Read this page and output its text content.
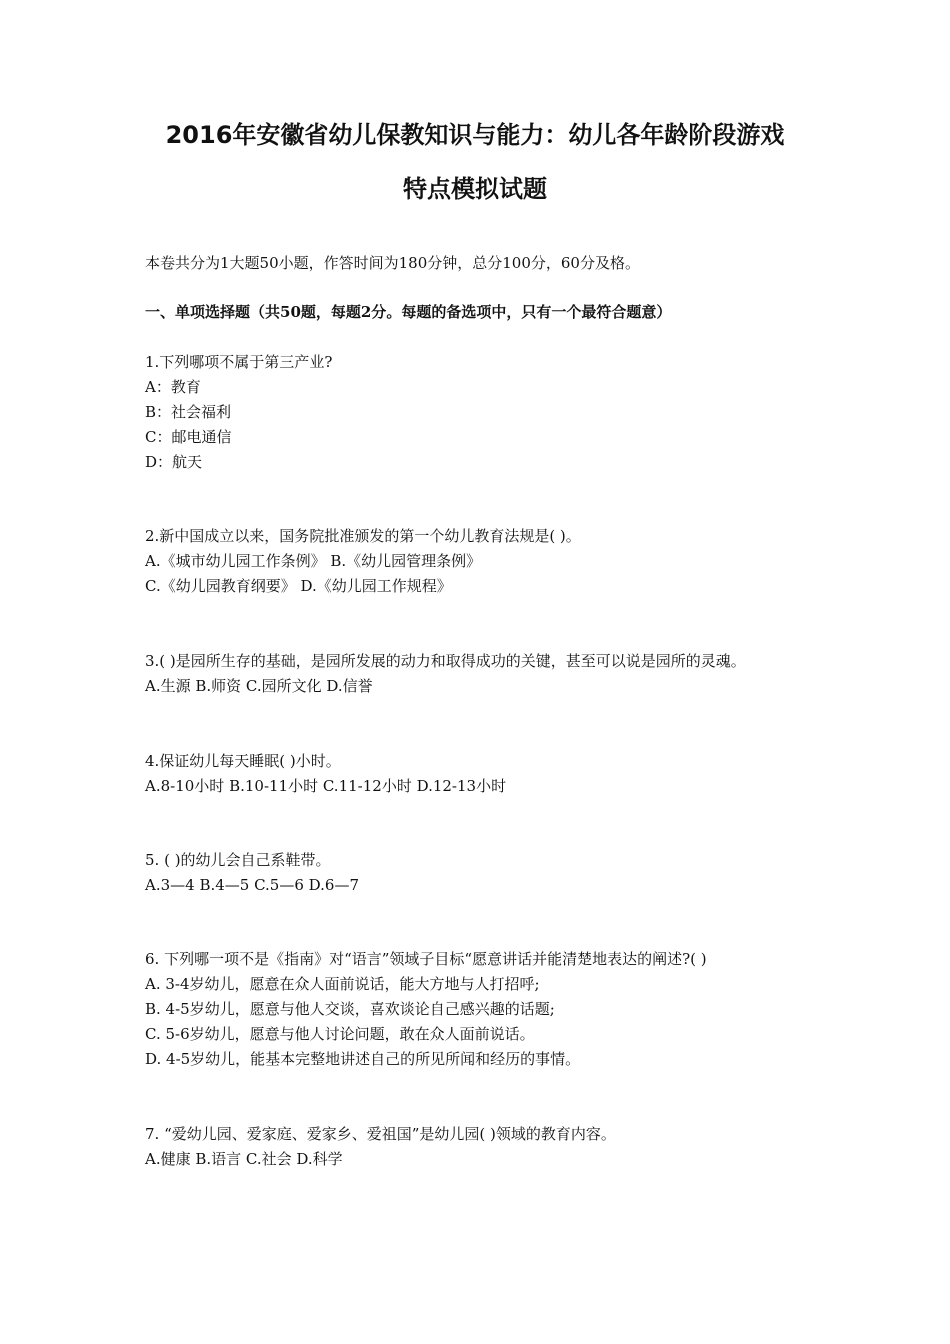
2016年安徽省幼儿保教知识与能力：幼儿各年龄阶段游戏
特点模拟试题
本卷共分为1大题50小题，作答时间为180分钟，总分100分，60分及格。
一、单项选择题（共50题，每题2分。每题的备选项中，只有一个最符合题意）
1.下列哪项不属于第三产业?
A：教育
B：社会福利
C：邮电通信
D：航天
2.新中国成立以来，国务院批准颁发的第一个幼儿教育法规是( )。
A.《城市幼儿园工作条例》 B.《幼儿园管理条例》
C.《幼儿园教育纲要》 D.《幼儿园工作规程》
3.( )是园所生存的基础，是园所发展的动力和取得成功的关键，甚至可以说是园所的灵魂。
A.生源 B.师资 C.园所文化 D.信誉
4.保证幼儿每天睡眠( )小时。
A.8-10小时 B.10-11小时 C.11-12小时 D.12-13小时
5. ( )的幼儿会自己系鞋带。
A.3—4 B.4—5 C.5—6 D.6—7
6. 下列哪一项不是《指南》对“语言”领域子目标“愿意讲话并能清楚地表达的阐述?( )
A. 3-4岁幼儿，愿意在众人面前说话，能大方地与人打招呼;
B. 4-5岁幼儿，愿意与他人交谈，喜欢谈论自己感兴趣的话题;
C. 5-6岁幼儿，愿意与他人讨论问题，敢在众人面前说话。
D. 4-5岁幼儿，能基本完整地讲述自己的所见所闻和经历的事情。
7. “爱幼儿园、爱家庭、爱家乡、爱祖国”是幼儿园( )领域的教育内容。
A.健康 B.语言 C.社会 D.科学
